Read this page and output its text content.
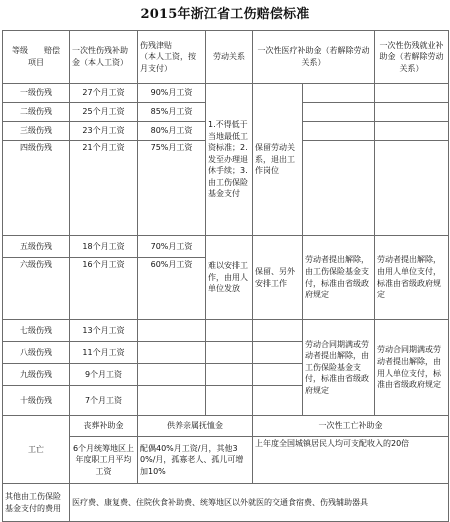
2015年浙江省工伤赔偿标准
等级　　赔偿
项目	一次性伤残补助金（本人工资）	伤残津贴　　　　（本人工资，按月支付）	劳动关系	一次性医疗补助金（若解除劳动关系）		一次性伤残就业补助金（若解除劳动关系）
一级伤残	27个月工资	90%月工资	1.不得低于当地最低工资标准；2.发至办理退休手续；3.由工伤保险基金支付	保留劳动关系，退出工作岗位		
二级伤残	25个月工资	85%月工资				
三级伤残	23个月工资	80%月工资				
四级伤残	21个月工资	75%月工资				
五级伤残	18个月工资	70%月工资	难以安排工作，由用人单位发放	保留、另外安排工作	劳动者提出解除，由工伤保险基金支付，标准由省级政府规定	劳动者提出解除，由用人单位支付，标准由省级政府规定
六级伤残	16个月工资	60%月工资				
七级伤残	13个月工资				劳动合同期满或劳动者提出解除，由工伤保险基金支付，标准由省级政府规定	劳动合同期满或劳动者提出解除，由用人单位支付，标准由省级政府规定
八级伤残	11个月工资					
九级伤残	9个月工资					
十级伤残	7个月工资					
工亡	丧葬补助金	供养亲属抚恤金		一次性工亡补助金		
	6个月统筹地区上年度职工月平均工资	配偶40%月工资/月，其他30%/月，孤寡老人、孤儿可增加10%		上年度全国城镇居民人均可支配收入的20倍		
其他由工伤保险基金支付的费用	医疗费、康复费、住院伙食补助费、统筹地区以外就医的交通食宿费、伤残辅助器具					
